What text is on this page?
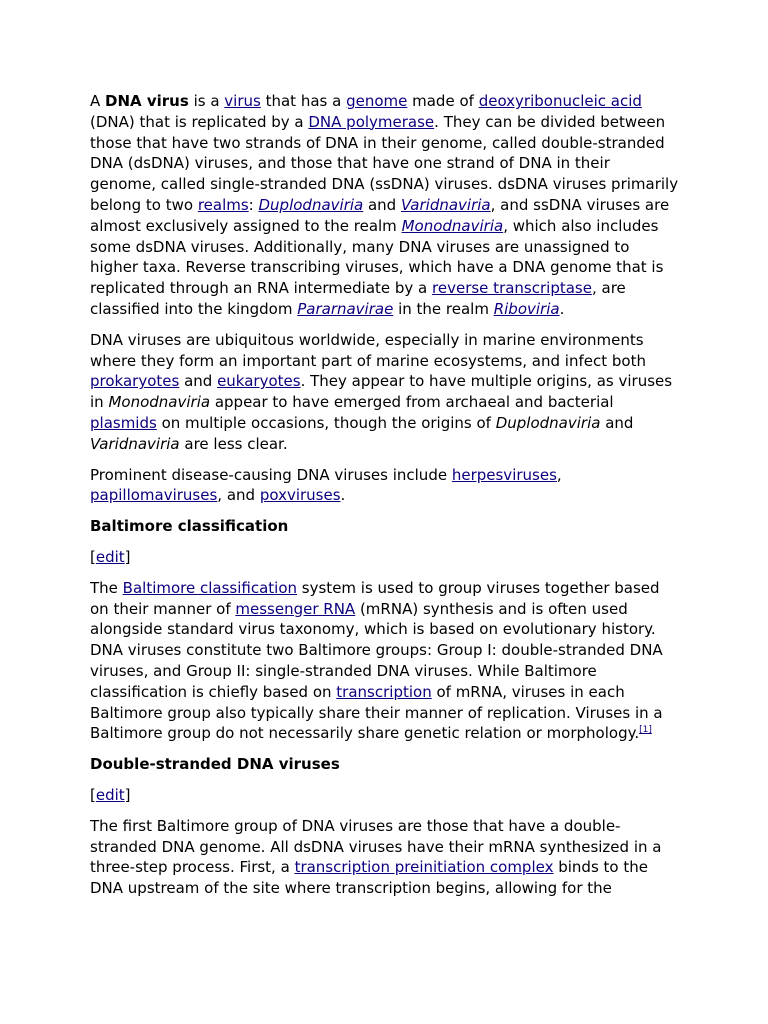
A DNA virus is a virus that has a genome made of deoxyribonucleic acid (DNA) that is replicated by a DNA polymerase. They can be divided between those that have two strands of DNA in their genome, called double-stranded DNA (dsDNA) viruses, and those that have one strand of DNA in their genome, called single-stranded DNA (ssDNA) viruses. dsDNA viruses primarily belong to two realms: Duplodnaviria and Varidnaviria, and ssDNA viruses are almost exclusively assigned to the realm Monodnaviria, which also includes some dsDNA viruses. Additionally, many DNA viruses are unassigned to higher taxa. Reverse transcribing viruses, which have a DNA genome that is replicated through an RNA intermediate by a reverse transcriptase, are classified into the kingdom Pararnavirae in the realm Riboviria.

DNA viruses are ubiquitous worldwide, especially in marine environments where they form an important part of marine ecosystems, and infect both prokaryotes and eukaryotes. They appear to have multiple origins, as viruses in Monodnaviria appear to have emerged from archaeal and bacterial plasmids on multiple occasions, though the origins of Duplodnaviria and Varidnaviria are less clear.

Prominent disease-causing DNA viruses include herpesviruses, papillomaviruses, and poxviruses.

Baltimore classification

[edit]

The Baltimore classification system is used to group viruses together based on their manner of messenger RNA (mRNA) synthesis and is often used alongside standard virus taxonomy, which is based on evolutionary history. DNA viruses constitute two Baltimore groups: Group I: double-stranded DNA viruses, and Group II: single-stranded DNA viruses. While Baltimore classification is chiefly based on transcription of mRNA, viruses in each Baltimore group also typically share their manner of replication. Viruses in a Baltimore group do not necessarily share genetic relation or morphology.[1]

Double-stranded DNA viruses

[edit]

The first Baltimore group of DNA viruses are those that have a double-stranded DNA genome. All dsDNA viruses have their mRNA synthesized in a three-step process. First, a transcription preinitiation complex binds to the DNA upstream of the site where transcription begins, allowing for the
